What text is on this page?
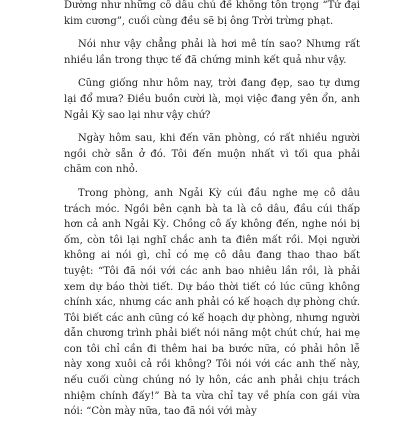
Dường như những cô dâu chủ đề không tôn trọng “Tứ đại kim cương”, cuối cùng đều sẽ bị ông Trời trừng phạt.

Nói như vậy chẳng phải là hơi mê tín sao? Nhưng rất nhiều lần trong thực tế đã chứng minh kết quả như vậy.

Cũng giống như hôm nay, trời đang đẹp, sao tự dưng lại đổ mưa? Điều buồn cười là, mọi việc đang yên ổn, anh Ngải Kỳ sao lại như vậy chứ?

Ngày hôm sau, khi đến văn phòng, có rất nhiều người ngồi chờ sẵn ở đó. Tôi đến muộn nhất vì tối qua phải chăm con nhỏ.

Trong phòng, anh Ngải Kỳ cúi đầu nghe mẹ cô dâu trách móc. Ngồi bên cạnh bà ta là cô dâu, đầu cúi thấp hơn cả anh Ngải Kỳ. Chồng cô ấy không đến, nghe nói bị ốm, còn tôi lại nghĩ chắc anh ta điên mất rồi. Mọi người không ai nói gì, chỉ có mẹ cô dâu đang thao thao bất tuyệt: “Tôi đã nói với các anh bao nhiêu lần rồi, là phải xem dự báo thời tiết. Dự báo thời tiết có lúc cũng không chính xác, nhưng các anh phải có kế hoạch dự phòng chứ. Tôi biết các anh cũng có kế hoạch dự phòng, nhưng người dẫn chương trình phải biết nói năng một chút chứ, hai mẹ con tôi chỉ cần đi thêm hai ba bước nữa, có phải hôn lễ này xong xuôi cả rồi không? Tôi nói với các anh thế này, nếu cuối cùng chúng nó ly hôn, các anh phải chịu trách nhiệm chính đấy!” Bà ta vừa chỉ tay về phía con gái vừa nói: “Còn mày nữa, tao đã nói với mày
